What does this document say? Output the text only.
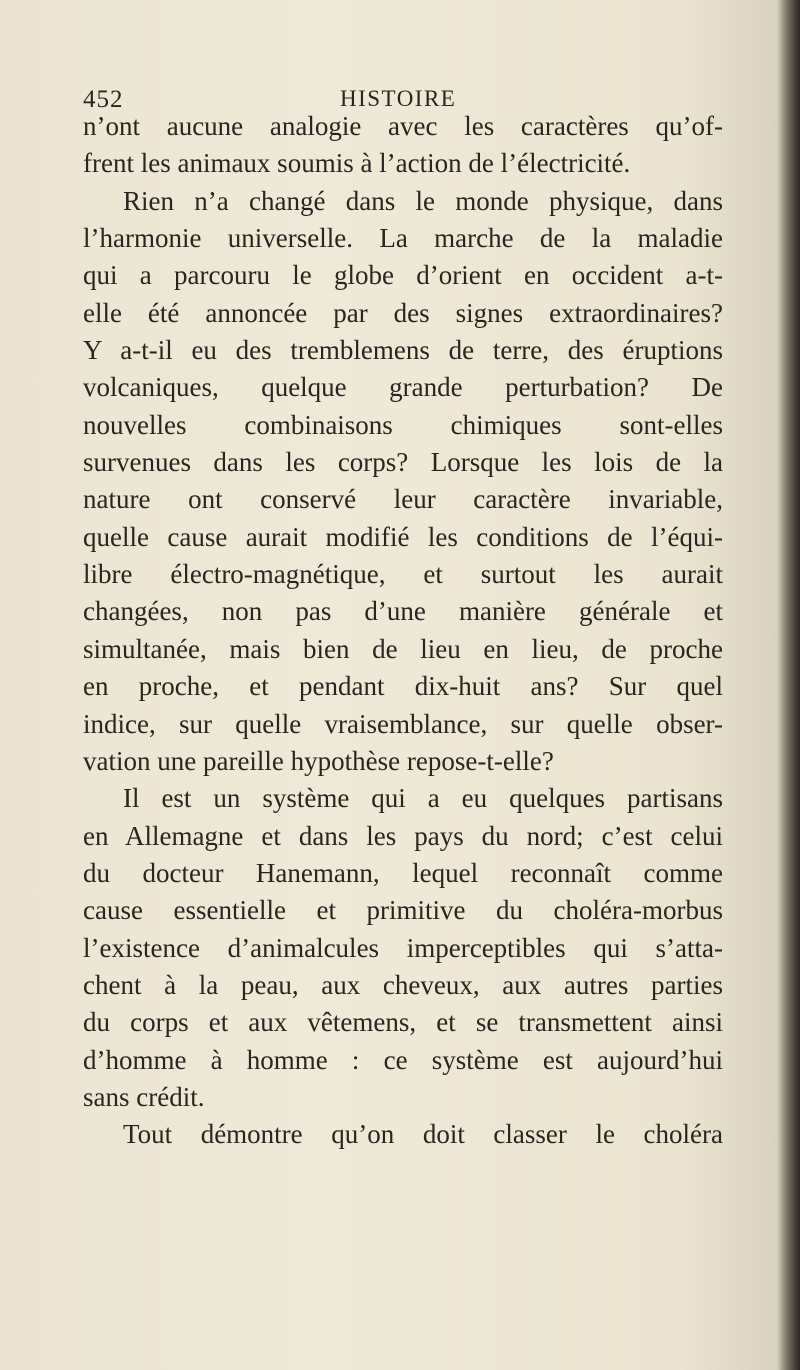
452	HISTOIRE
n’ont aucune analogie avec les caractères qu’of-
frent les animaux soumis à l’action de l’électricité.
Rien n’a changé dans le monde physique, dans
l’harmonie universelle. La marche de la maladie
qui a parcouru le globe d’orient en occident a-t-
elle été annoncée par des signes extraordinaires?
Y a-t-il eu des tremblemens de terre, des éruptions
volcaniques, quelque grande perturbation? De
nouvelles combinaisons chimiques sont-elles
survenues dans les corps? Lorsque les lois de la
nature ont conservé leur caractère invariable,
quelle cause aurait modifié les conditions de l’équi-
libre électro-magnétique, et surtout les aurait
changées, non pas d’une manière générale et
simultanée, mais bien de lieu en lieu, de proche
en proche, et pendant dix-huit ans? Sur quel
indice, sur quelle vraisemblance, sur quelle obser-
vation une pareille hypothèse repose-t-elle?
Il est un système qui a eu quelques partisans
en Allemagne et dans les pays du nord; c’est celui
du docteur Hanemann, lequel reconnaît comme
cause essentielle et primitive du choléra-morbus
l’existence d’animalcules imperceptibles qui s’atta-
chent à la peau, aux cheveux, aux autres parties
du corps et aux vêtemens, et se transmettent ainsi
d’homme à homme : ce système est aujourd’hui
sans crédit.
Tout démontre qu’on doit classer le choléra
